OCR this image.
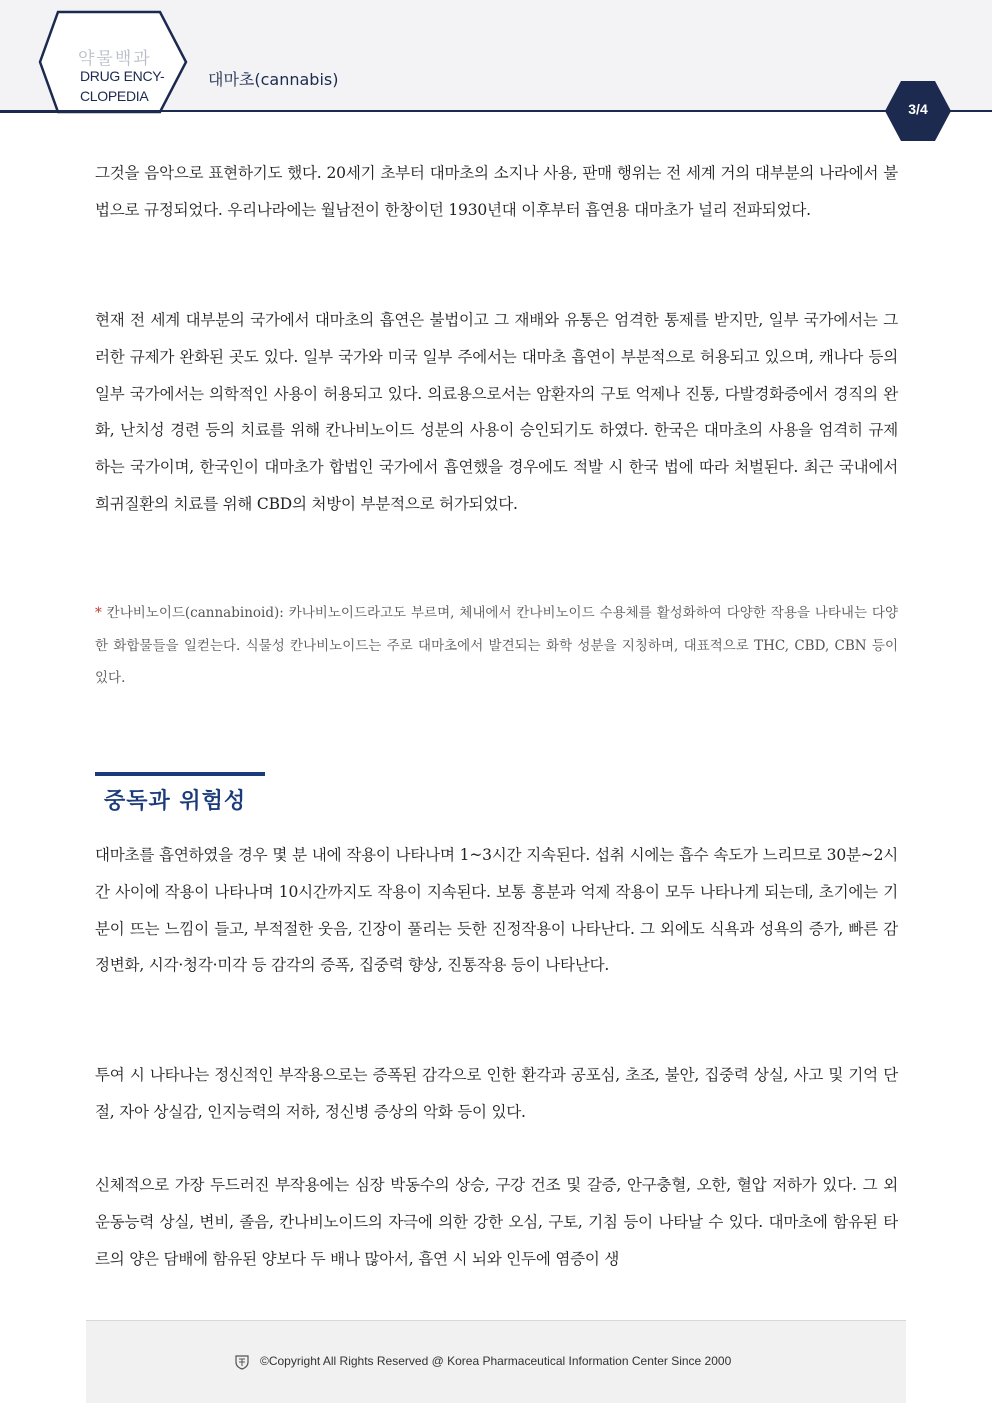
약물백과
DRUG ENCY-
CLOPEDIA
대마초(cannabis)
3/4

그것을 음악으로 표현하기도 했다. 20세기 초부터 대마초의 소지나 사용, 판매 행위는 전 세계 거의 대부분의 나라에서 불법으로 규정되었다. 우리나라에는 월남전이 한창이던 1930년대 이후부터 흡연용 대마초가 널리 전파되었다.

현재 전 세계 대부분의 국가에서 대마초의 흡연은 불법이고 그 재배와 유통은 엄격한 통제를 받지만, 일부 국가에서는 그러한 규제가 완화된 곳도 있다. 일부 국가와 미국 일부 주에서는 대마초 흡연이 부분적으로 허용되고 있으며, 캐나다 등의 일부 국가에서는 의학적인 사용이 허용되고 있다. 의료용으로서는 암환자의 구토 억제나 진통, 다발경화증에서 경직의 완화, 난치성 경련 등의 치료를 위해 칸나비노이드 성분의 사용이 승인되기도 하였다. 한국은 대마초의 사용을 엄격히 규제하는 국가이며, 한국인이 대마초가 합법인 국가에서 흡연했을 경우에도 적발 시 한국 법에 따라 처벌된다. 최근 국내에서 희귀질환의 치료를 위해 CBD의 처방이 부분적으로 허가되었다.

* 칸나비노이드(cannabinoid): 카나비노이드라고도 부르며, 체내에서 칸나비노이드 수용체를 활성화하여 다양한 작용을 나타내는 다양한 화합물들을 일컫는다. 식물성 칸나비노이드는 주로 대마초에서 발견되는 화학 성분을 지칭하며, 대표적으로 THC, CBD, CBN 등이 있다.

중독과 위험성

대마초를 흡연하였을 경우 몇 분 내에 작용이 나타나며 1~3시간 지속된다. 섭취 시에는 흡수 속도가 느리므로 30분~2시간 사이에 작용이 나타나며 10시간까지도 작용이 지속된다. 보통 흥분과 억제 작용이 모두 나타나게 되는데, 초기에는 기분이 뜨는 느낌이 들고, 부적절한 웃음, 긴장이 풀리는 듯한 진정작용이 나타난다. 그 외에도 식욕과 성욕의 증가, 빠른 감정변화, 시각·청각·미각 등 감각의 증폭, 집중력 향상, 진통작용 등이 나타난다.

투여 시 나타나는 정신적인 부작용으로는 증폭된 감각으로 인한 환각과 공포심, 초조, 불안, 집중력 상실, 사고 및 기억 단절, 자아 상실감, 인지능력의 저하, 정신병 증상의 악화 등이 있다.

신체적으로 가장 두드러진 부작용에는 심장 박동수의 상승, 구강 건조 및 갈증, 안구충혈, 오한, 혈압 저하가 있다. 그 외 운동능력 상실, 변비, 졸음, 칸나비노이드의 자극에 의한 강한 오심, 구토, 기침 등이 나타날 수 있다. 대마초에 함유된 타르의 양은 담배에 함유된 양보다 두 배나 많아서, 흡연 시 뇌와 인두에 염증이 생

©Copyright All Rights Reserved @ Korea Pharmaceutical Information Center Since 2000
